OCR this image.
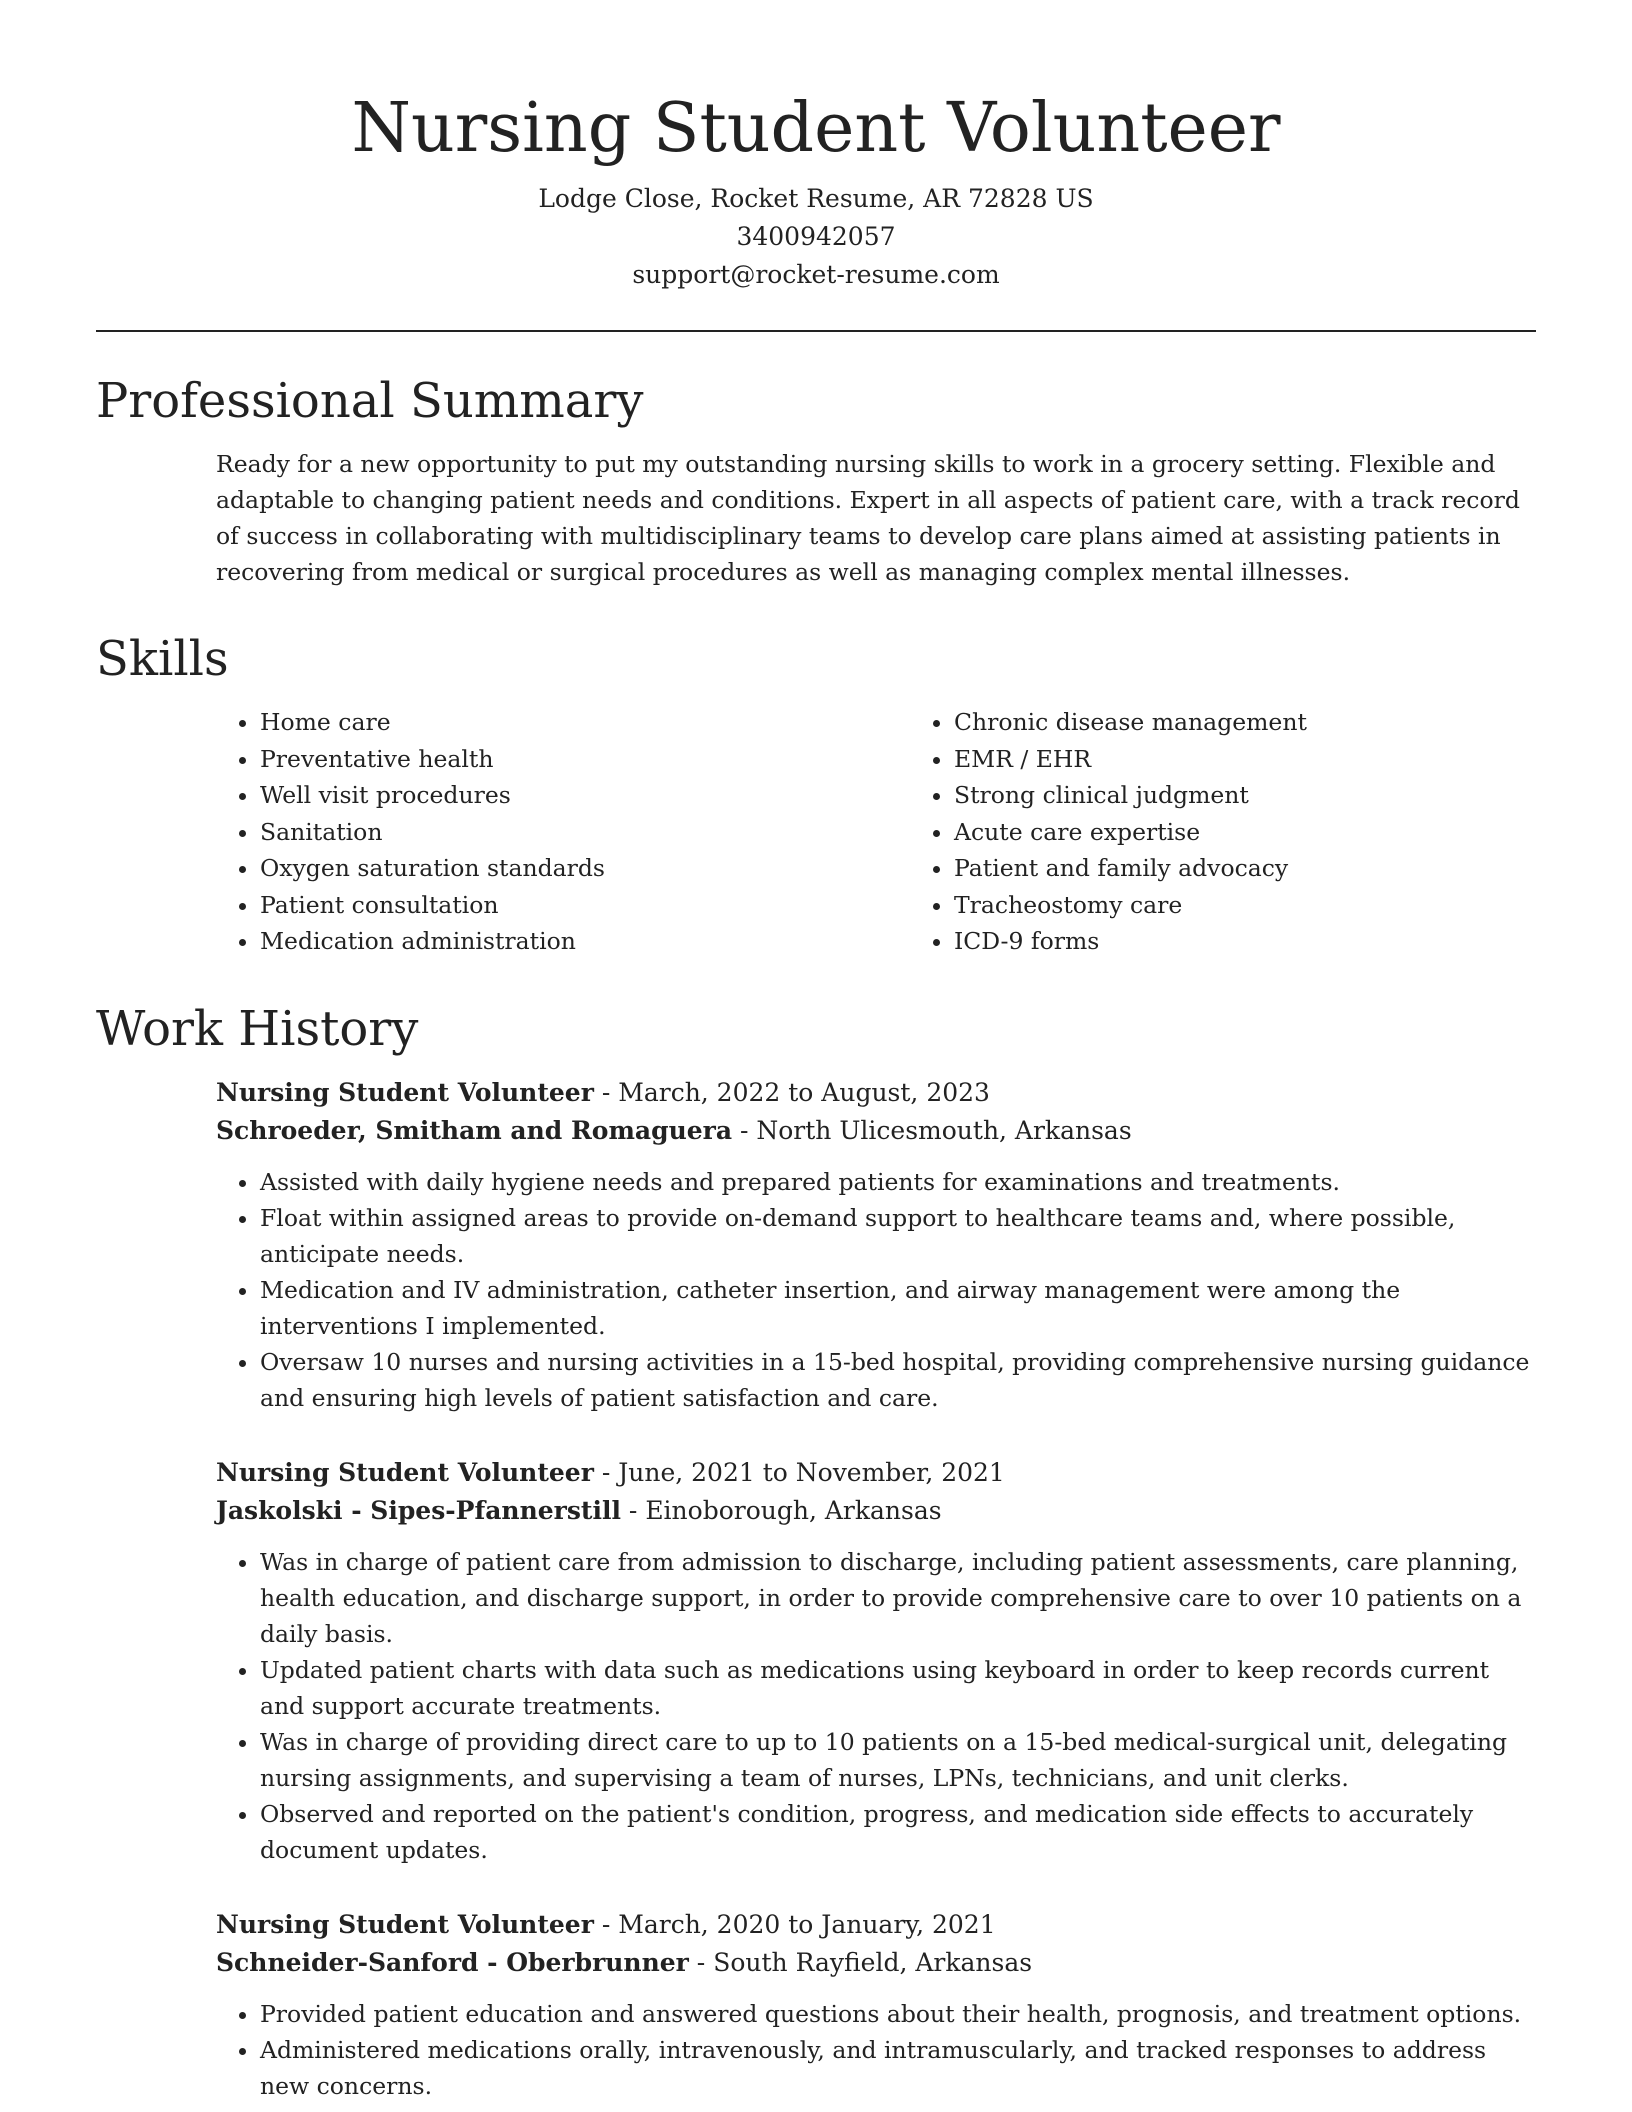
Nursing Student Volunteer
Lodge Close, Rocket Resume, AR 72828 US
3400942057
support@rocket-resume.com
Professional Summary

Ready for a new opportunity to put my outstanding nursing skills to work in a grocery setting. Flexible and adaptable to changing patient needs and conditions. Expert in all aspects of patient care, with a track record of success in collaborating with multidisciplinary teams to develop care plans aimed at assisting patients in recovering from medical or surgical procedures as well as managing complex mental illnesses.

Skills
• Home care
• Preventative health
• Well visit procedures
• Sanitation
• Oxygen saturation standards
• Patient consultation
• Medication administration
• Chronic disease management
• EMR / EHR
• Strong clinical judgment
• Acute care expertise
• Patient and family advocacy
• Tracheostomy care
• ICD-9 forms
Work History
Nursing Student Volunteer - March, 2022 to August, 2023
Schroeder, Smitham and Romaguera - North Ulicesmouth, Arkansas
• Assisted with daily hygiene needs and prepared patients for examinations and treatments.
• Float within assigned areas to provide on-demand support to healthcare teams and, where possible, anticipate needs.
• Medication and IV administration, catheter insertion, and airway management were among the interventions I implemented.
• Oversaw 10 nurses and nursing activities in a 15-bed hospital, providing comprehensive nursing guidance and ensuring high levels of patient satisfaction and care.
Nursing Student Volunteer - June, 2021 to November, 2021
Jaskolski - Sipes-Pfannerstill - Einoborough, Arkansas
• Was in charge of patient care from admission to discharge, including patient assessments, care planning, health education, and discharge support, in order to provide comprehensive care to over 10 patients on a daily basis.
• Updated patient charts with data such as medications using keyboard in order to keep records current and support accurate treatments.
• Was in charge of providing direct care to up to 10 patients on a 15-bed medical-surgical unit, delegating nursing assignments, and supervising a team of nurses, LPNs, technicians, and unit clerks.
• Observed and reported on the patient's condition, progress, and medication side effects to accurately document updates.
Nursing Student Volunteer - March, 2020 to January, 2021
Schneider-Sanford - Oberbrunner - South Rayfield, Arkansas
• Provided patient education and answered questions about their health, prognosis, and treatment options.
• Administered medications orally, intravenously, and intramuscularly, and tracked responses to address new concerns.
